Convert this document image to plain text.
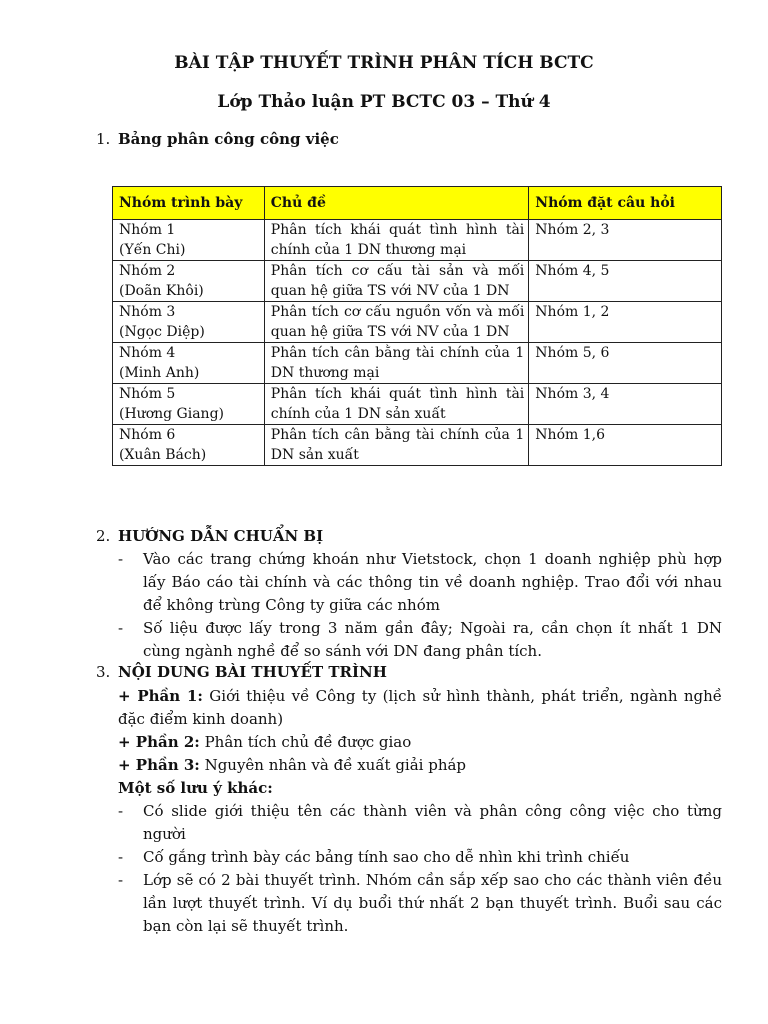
BÀI TẬP THUYẾT TRÌNH PHÂN TÍCH BCTC
Lớp Thảo luận PT BCTC 03 – Thứ 4
1. Bảng phân công công việc
Nhóm trình bày	Chủ đề	Nhóm đặt câu hỏi

Nhóm 1
(Yến Chi)	Phân tích khái quát tình hình tài chính của 1 DN thương mại	Nhóm 2, 3

Nhóm 2
(Doãn Khôi)	Phân tích cơ cấu tài sản và mối quan hệ giữa TS với NV của 1 DN	Nhóm 4, 5

Nhóm 3
(Ngọc Diệp)	Phân tích cơ cấu nguồn vốn và mối quan hệ giữa TS với NV của 1 DN	Nhóm 1, 2

Nhóm 4
(Minh Anh)	Phân tích cân bằng tài chính của 1 DN thương mại	Nhóm 5, 6

Nhóm 5
(Hương Giang)	Phân tích khái quát tình hình tài chính của 1 DN sản xuất	Nhóm 3, 4

Nhóm 6
(Xuân Bách)	Phân tích cân bằng tài chính của 1 DN sản xuất	Nhóm 1,6
2. HƯỚNG DẪN CHUẨN BỊ
- Vào các trang chứng khoán như Vietstock, chọn 1 doanh nghiệp phù hợp lấy Báo cáo tài chính và các thông tin về doanh nghiệp. Trao đổi với nhau để không trùng Công ty giữa các nhóm
- Số liệu được lấy trong 3 năm gần đây; Ngoài ra, cần chọn ít nhất 1 DN cùng ngành nghề để so sánh với DN đang phân tích.
3. NỘI DUNG BÀI THUYẾT TRÌNH
+ Phần 1: Giới thiệu về Công ty (lịch sử hình thành, phát triển, ngành nghề đặc điểm kinh doanh)
+ Phần 2: Phân tích chủ đề được giao
+ Phần 3: Nguyên nhân và đề xuất giải pháp
Một số lưu ý khác:
- Có slide giới thiệu tên các thành viên và phân công công việc cho từng người
- Cố gắng trình bày các bảng tính sao cho dễ nhìn khi trình chiếu
- Lớp sẽ có 2 bài thuyết trình. Nhóm cần sắp xếp sao cho các thành viên đều lần lượt thuyết trình. Ví dụ buổi thứ nhất 2 bạn thuyết trình. Buổi sau các bạn còn lại sẽ thuyết trình.
